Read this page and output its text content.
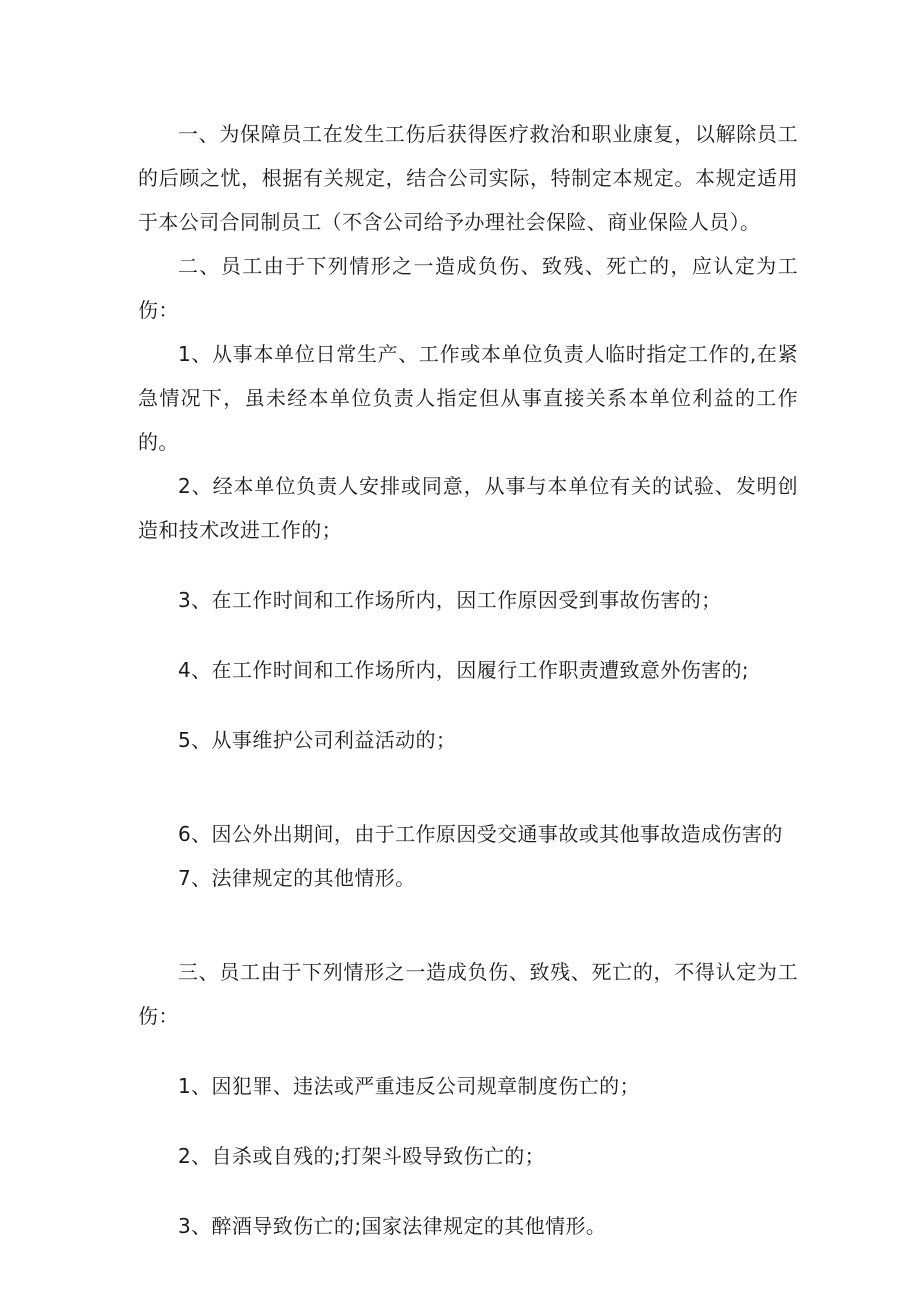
一、为保障员工在发生工伤后获得医疗救治和职业康复，以解除员工的后顾之忧，根据有关规定，结合公司实际，特制定本规定。本规定适用于本公司合同制员工（不含公司给予办理社会保险、商业保险人员）。

二、员工由于下列情形之一造成负伤、致残、死亡的，应认定为工伤：

1、从事本单位日常生产、工作或本单位负责人临时指定工作的,在紧急情况下，虽未经本单位负责人指定但从事直接关系本单位利益的工作的。

2、经本单位负责人安排或同意，从事与本单位有关的试验、发明创造和技术改进工作的；

3、在工作时间和工作场所内，因工作原因受到事故伤害的；

4、在工作时间和工作场所内，因履行工作职责遭致意外伤害的;

5、从事维护公司利益活动的；

6、因公外出期间，由于工作原因受交通事故或其他事故造成伤害的

7、法律规定的其他情形。

三、员工由于下列情形之一造成负伤、致残、死亡的，不得认定为工伤：

1、因犯罪、违法或严重违反公司规章制度伤亡的；

2、自杀或自残的;打架斗殴导致伤亡的；

3、醉酒导致伤亡的;国家法律规定的其他情形。
